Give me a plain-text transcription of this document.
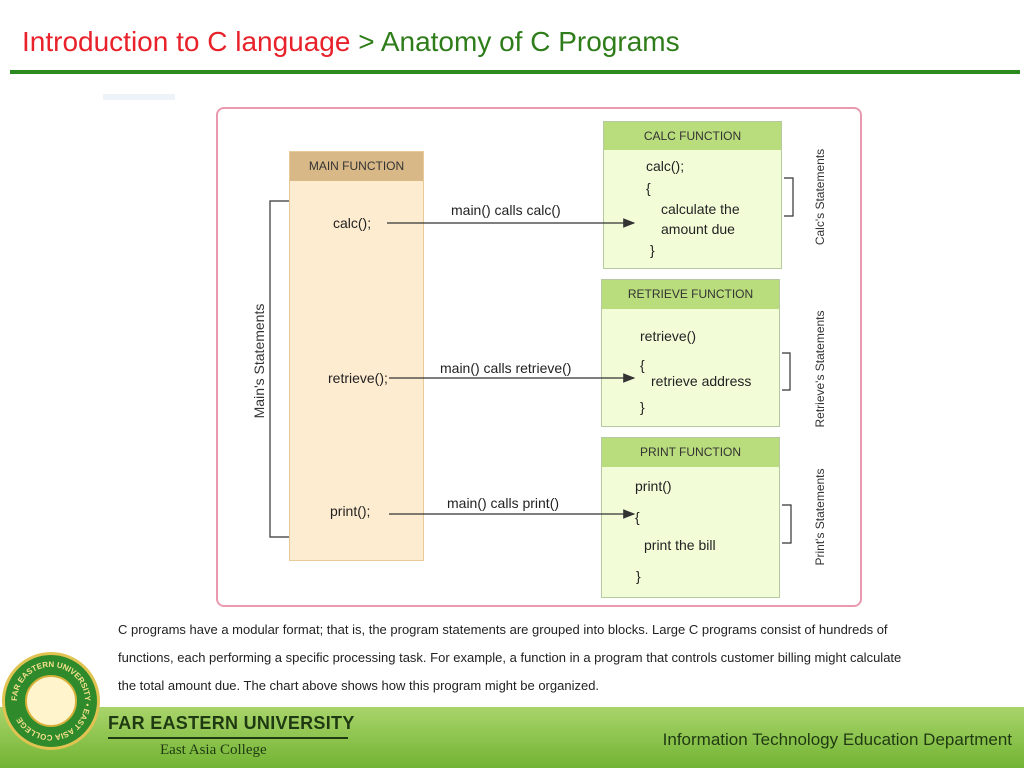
Introduction to C language > Anatomy of C Programs
MAIN FUNCTION
CALC FUNCTION
RETRIEVE FUNCTION
PRINT FUNCTION
calc();
retrieve();
print();
Main's Statements
main() calls calc()
main() calls retrieve()
main() calls print()
calc();
{
calculate the
amount due
}
Calc's Statements
retrieve()
{
retrieve address
}	Retrieve's Statements
print()
{
print the bill
}
Print's Statements
C programs have a modular format; that is, the program statements are grouped into blocks. Large C programs consist of hundreds of
functions, each performing a specific processing task. For example, a function in a program that controls customer billing might calculate
the total amount due. The chart above shows how this program might be organized.
FAR EASTERN UNIVERSITY • EAST ASIA COLLEGE	FAR EASTERN UNIVERSITY
East Asia College
Information Technology Education Department
